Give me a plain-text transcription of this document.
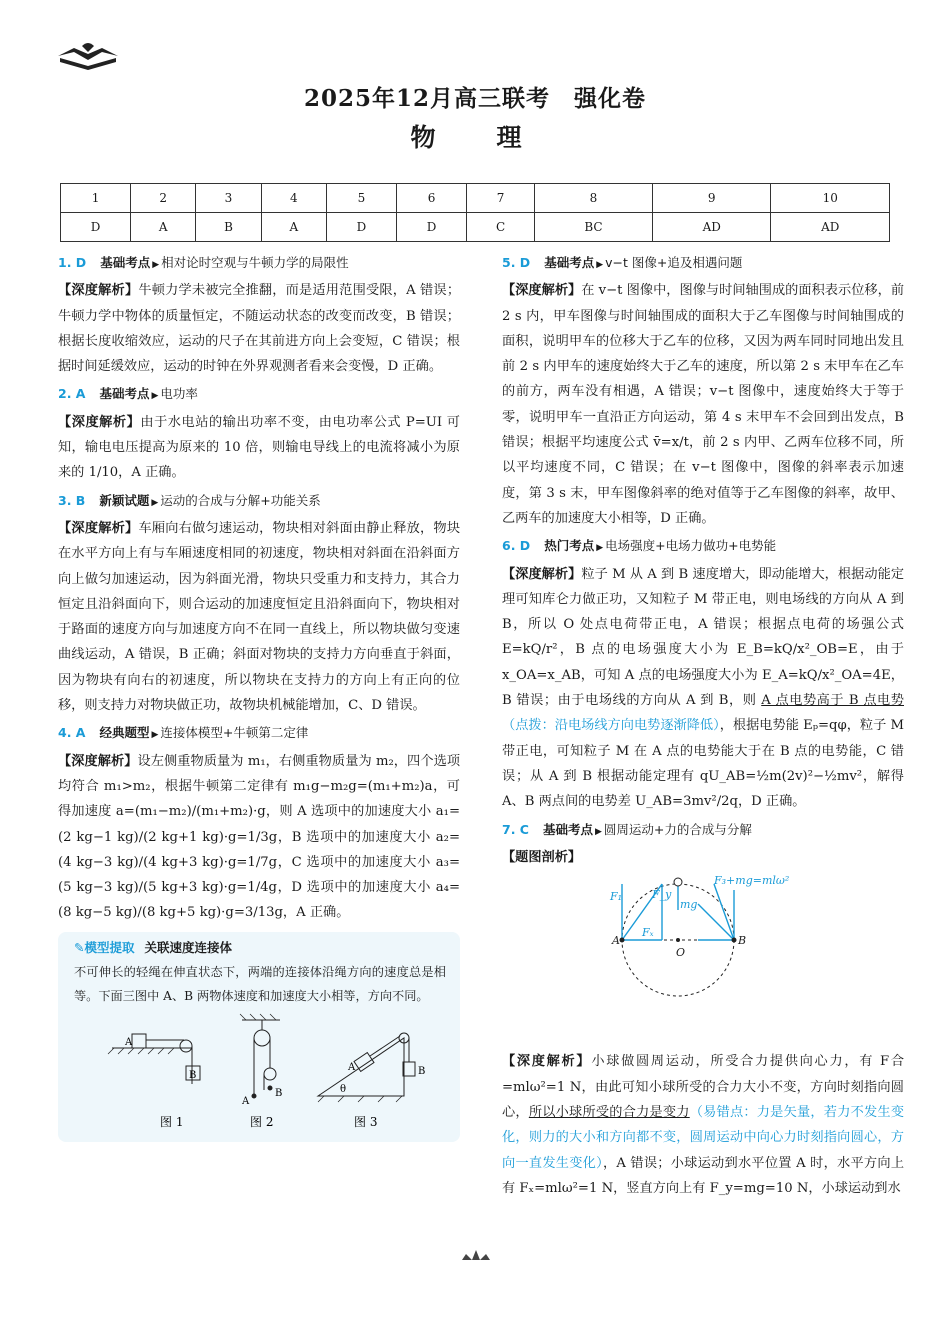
2025年12月高三联考　强化卷
物　理
1	2	3	4	5	6	7	8	9	10
D	A	B	A	D	D	C	BC	AD	AD
1. D 基础考点 ▶ 相对论时空观与牛顿力学的局限性
【深度解析】牛顿力学未被完全推翻，而是适用范围受限，A 错误；牛顿力学中物体的质量恒定，不随运动状态的改变而改变，B 错误；根据长度收缩效应，运动的尺子在其前进方向上会变短，C 错误；根据时间延缓效应，运动的时钟在外界观测者看来会变慢，D 正确。
2. A 基础考点 ▶ 电功率
【深度解析】由于水电站的输出功率不变，由电功率公式 P=UI 可知，输电电压提高为原来的 10 倍，则输电导线上的电流将减小为原来的 1/10，A 正确。
3. B 新颖试题 ▶ 运动的合成与分解+功能关系
【深度解析】车厢向右做匀速运动，物块相对斜面由静止释放，物块在水平方向上有与车厢速度相同的初速度，物块相对斜面在沿斜面方向上做匀加速运动，因为斜面光滑，物块只受重力和支持力，其合力恒定且沿斜面向下，则合运动的加速度恒定且沿斜面向下，物块相对于路面的速度方向与加速度方向不在同一直线上，所以物块做匀变速曲线运动，A 错误，B 正确；斜面对物块的支持力方向垂直于斜面，因为物块有向右的初速度，所以物块在支持力的方向上有正向的位移，则支持力对物块做正功，故物块机械能增加，C、D 错误。
4. A 经典题型 ▶ 连接体模型+牛顿第二定律
【深度解析】设左侧重物质量为 m₁，右侧重物质量为 m₂，四个选项均符合 m₁>m₂，根据牛顿第二定律有 m₁g−m₂g=(m₁+m₂)a，可得加速度 a=(m₁−m₂)/(m₁+m₂)·g，则 A 选项中的加速度大小 a₁=(2 kg−1 kg)/(2 kg+1 kg)·g=1/3g，B 选项中的加速度大小 a₂=(4 kg−3 kg)/(4 kg+3 kg)·g=1/7g，C 选项中的加速度大小 a₃=(5 kg−3 kg)/(5 kg+3 kg)·g=1/4g，D 选项中的加速度大小 a₄=(8 kg−5 kg)/(8 kg+5 kg)·g=3/13g，A 正确。
✎模型提取 关联速度连接体
不可伸长的轻绳在伸直状态下，两端的连接体沿绳方向的速度总是相等。下面三图中 A、B 两物体速度和加速度大小相等，方向不同。
A
B
A
B
A	B
θ
图 1	图 2	图 3
5. D 基础考点 ▶ v−t 图像+追及相遇问题
【深度解析】在 v−t 图像中，图像与时间轴围成的面积表示位移，前 2 s 内，甲车图像与时间轴围成的面积大于乙车图像与时间轴围成的面积，说明甲车的位移大于乙车的位移，又因为两车同时同地出发且前 2 s 内甲车的速度始终大于乙车的速度，所以第 2 s 末甲车在乙车的前方，两车没有相遇，A 错误；v−t 图像中，速度始终大于等于零，说明甲车一直沿正方向运动，第 4 s 末甲车不会回到出发点，B 错误；根据平均速度公式 v̄=x/t，前 2 s 内甲、乙两车位移不同，所以平均速度不同，C 错误；在 v−t 图像中，图像的斜率表示加速度，第 3 s 末，甲车图像斜率的绝对值等于乙车图像的斜率，故甲、乙两车的加速度大小相等，D 正确。
6. D 热门考点 ▶ 电场强度+电场力做功+电势能
【深度解析】粒子 M 从 A 到 B 速度增大，即动能增大，根据动能定理可知库仑力做正功，又知粒子 M 带正电，则电场线的方向从 A 到 B，所以 O 处点电荷带正电，A 错误；根据点电荷的场强公式 E=kQ/r²，B 点的电场强度大小为 E_B=kQ/x²_OB=E，由于 x_OA=x_AB，可知 A 点的电场强度大小为 E_A=kQ/x²_OA=4E，B 错误；由于电场线的方向从 A 到 B，则 A 点电势高于 B 点电势（点拨：沿电场线方向电势逐渐降低），根据电势能 Eₚ=qφ，粒子 M 带正电，可知粒子 M 在 A 点的电势能大于在 B 点的电势能，C 错误；从 A 到 B 根据动能定理有 qU_AB=½m(2v)²−½mv²，解得 A、B 两点间的电势差 U_AB=3mv²/2q，D 正确。
7. C 基础考点 ▶ 圆周运动+力的合成与分解
【题图剖析】
F₁	F_y
F₃+mg=mlω²
mg
Fₓ
A	B
O
【深度解析】小球做圆周运动，所受合力提供向心力，有 F合=mlω²=1 N，由此可知小球所受的合力大小不变，方向时刻指向圆心，所以小球所受的合力是变力（易错点：力是矢量，若力不发生变化，则力的大小和方向都不变，圆周运动中向心力时刻指向圆心，方向一直发生变化），A 错误；小球运动到水平位置 A 时，水平方向上有 Fₓ=mlω²=1 N，竖直方向上有 F_y=mg=10 N，小球运动到水
